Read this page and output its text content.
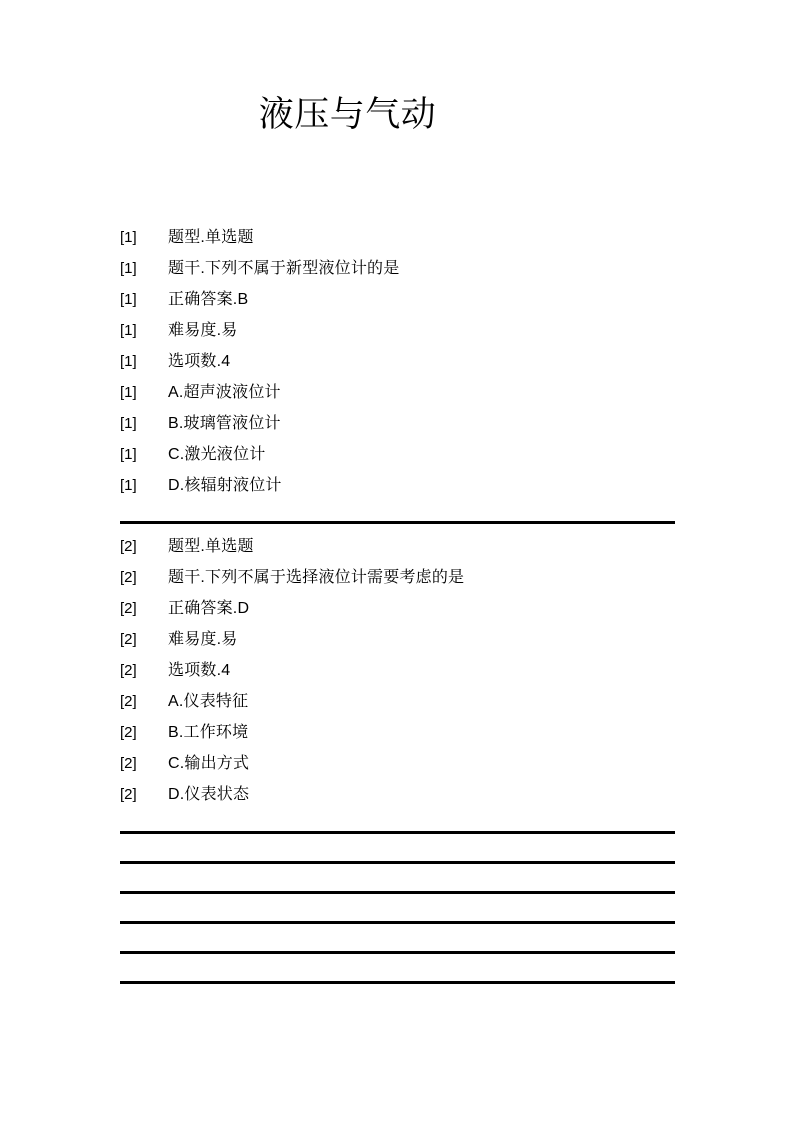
液压与气动
[1]	题型.单选题
[1]	题干.下列不属于新型液位计的是
[1]	正确答案.B
[1]	难易度.易
[1]	选项数.4
[1]	A.超声波液位计
[1]	B.玻璃管液位计
[1]	C.激光液位计
[1]	D.核辐射液位计
[2]	题型.单选题
[2]	题干.下列不属于选择液位计需要考虑的是
[2]	正确答案.D
[2]	难易度.易
[2]	选项数.4
[2]	A.仪表特征
[2]	B.工作环境
[2]	C.输出方式
[2]	D.仪表状态
